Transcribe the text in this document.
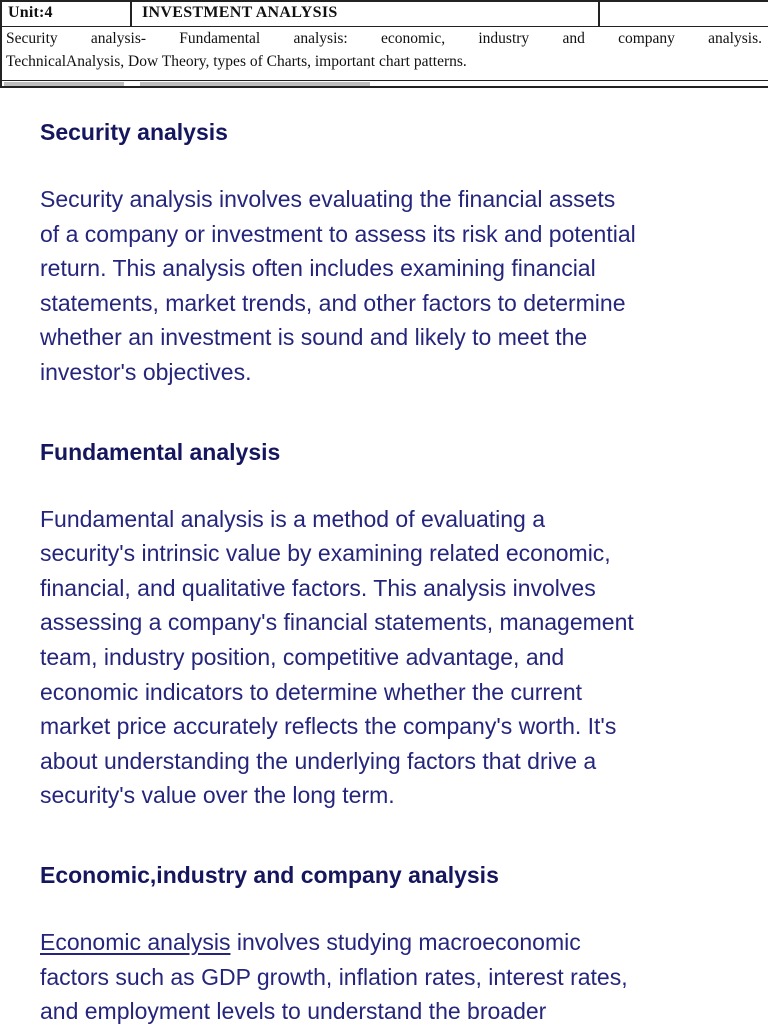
Unit:4	INVESTMENT ANALYSIS
Security analysis- Fundamental analysis: economic, industry and company analysis.
TechnicalAnalysis, Dow Theory, types of Charts, important chart patterns.
Security analysis

Security analysis involves evaluating the financial assets
of a company or investment to assess its risk and potential
return. This analysis often includes examining financial
statements, market trends, and other factors to determine
whether an investment is sound and likely to meet the
investor's objectives.

Fundamental analysis

Fundamental analysis is a method of evaluating a
security's intrinsic value by examining related economic,
financial, and qualitative factors. This analysis involves
assessing a company's financial statements, management
team, industry position, competitive advantage, and
economic indicators to determine whether the current
market price accurately reflects the company's worth. It's
about understanding the underlying factors that drive a
security's value over the long term.

Economic,industry and company analysis

Economic analysis involves studying macroeconomic
factors such as GDP growth, inflation rates, interest rates,
and employment levels to understand the broader
